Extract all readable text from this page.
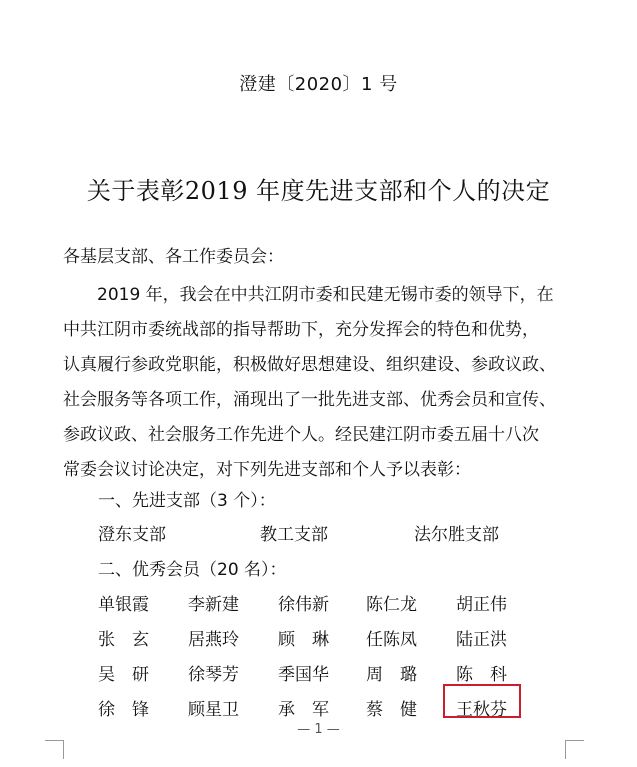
澄建〔2020〕1 号
关于表彰2019 年度先进支部和个人的决定
各基层支部、各工作委员会：
2019 年，我会在中共江阴市委和民建无锡市委的领导下，在
中共江阴市委统战部的指导帮助下，充分发挥会的特色和优势，
认真履行参政党职能，积极做好思想建设、组织建设、参政议政、
社会服务等各项工作，涌现出了一批先进支部、优秀会员和宣传、
参政议政、社会服务工作先进个人。经民建江阴市委五届十八次
常委会议讨论决定，对下列先进支部和个人予以表彰：
一、先进支部（3 个）：
澄东支部	教工支部	法尔胜支部
二、优秀会员（20 名）：
单银霞 李新建 徐伟新 陈仁龙 胡正伟
张　玄 居燕玲 顾　琳 任陈凤 陆正洪
吴　研 徐琴芳 季国华 周　璐 陈　科
徐　锋 顾星卫 承　军 蔡　健 王秋芬
— 1 —
